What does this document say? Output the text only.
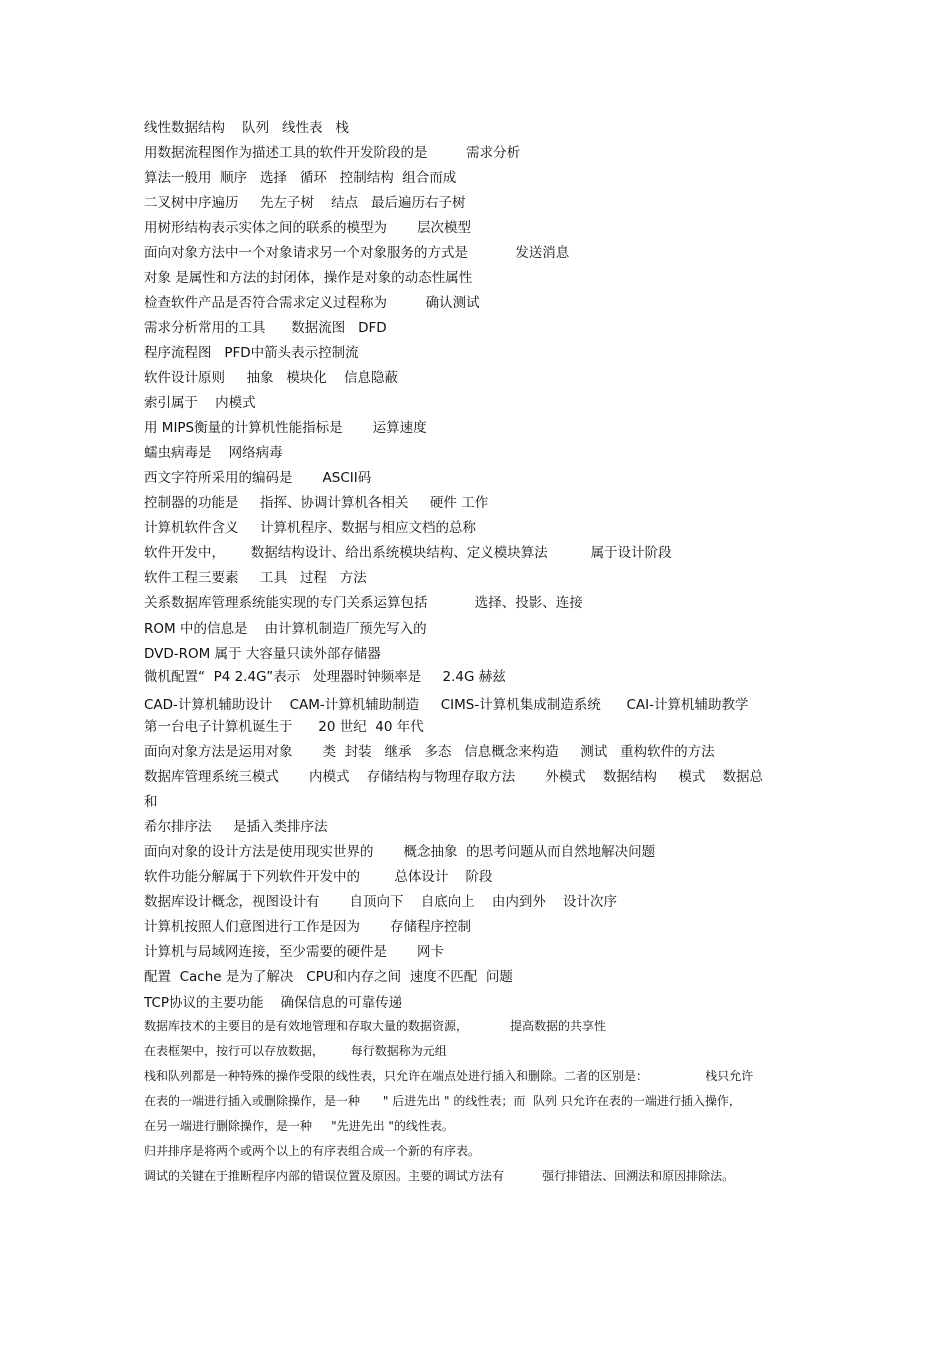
线性数据结构    队列   线性表   栈
用数据流程图作为描述工具的软件开发阶段的是         需求分析
算法一般用  顺序   选择   循环   控制结构  组合而成
二叉树中序遍历     先左子树    结点   最后遍历右子树
用树形结构表示实体之间的联系的模型为       层次模型
面向对象方法中一个对象请求另一个对象服务的方式是           发送消息
对象 是属性和方法的封闭体，操作是对象的动态性属性
检查软件产品是否符合需求定义过程称为         确认测试
需求分析常用的工具      数据流图   DFD
程序流程图   PFD中箭头表示控制流
软件设计原则     抽象   模块化    信息隐蔽
索引属于    内模式
用 MIPS衡量的计算机性能指标是       运算速度
蠕虫病毒是    网络病毒
西文字符所采用的编码是       ASCII码
控制器的功能是     指挥、协调计算机各相关     硬件 工作
计算机软件含义     计算机程序、数据与相应文档的总称
软件开发中，      数据结构设计、给出系统模块结构、定义模块算法          属于设计阶段
软件工程三要素     工具   过程   方法
关系数据库管理系统能实现的专门关系运算包括           选择、投影、连接
ROM 中的信息是    由计算机制造厂预先写入的
DVD-ROM 属于 大容量只读外部存储器
微机配置“  P4 2.4G”表示   处理器时钟频率是     2.4G 赫兹
CAD-计算机辅助设计    CAM-计算机辅助制造     CIMS-计算机集成制造系统      CAI-计算机辅助教学
第一台电子计算机诞生于      20 世纪  40 年代
面向对象方法是运用对象       类  封装   继承   多态   信息概念来构造     测试   重构软件的方法
数据库管理系统三模式       内模式    存储结构与物理存取方法       外模式    数据结构     模式    数据总
和
希尔排序法     是插入类排序法
面向对象的设计方法是使用现实世界的       概念抽象  的思考问题从而自然地解决问题
软件功能分解属于下列软件开发中的        总体设计    阶段
数据库设计概念，视图设计有       自顶向下    自底向上    由内到外    设计次序
计算机按照人们意图进行工作是因为       存储程序控制
计算机与局域网连接，至少需要的硬件是       网卡
配置  Cache 是为了解决   CPU和内存之间  速度不匹配  问题
TCP协议的主要功能    确保信息的可靠传递
数据库技术的主要目的是有效地管理和存取大量的数据资源，           提高数据的共享性
在表框架中，按行可以存放数据，       每行数据称为元组
栈和队列都是一种特殊的操作受限的线性表，只允许在端点处进行插入和删除。二者的区别是：               栈只允许
在表的一端进行插入或删除操作，是一种      " 后进先出 " 的线性表；而  队列 只允许在表的一端进行插入操作，
在另一端进行删除操作，是一种     "先进先出 "的线性表。
归并排序是将两个或两个以上的有序表组合成一个新的有序表。
调试的关键在于推断程序内部的错误位置及原因。主要的调试方法有          强行排错法、回溯法和原因排除法。
